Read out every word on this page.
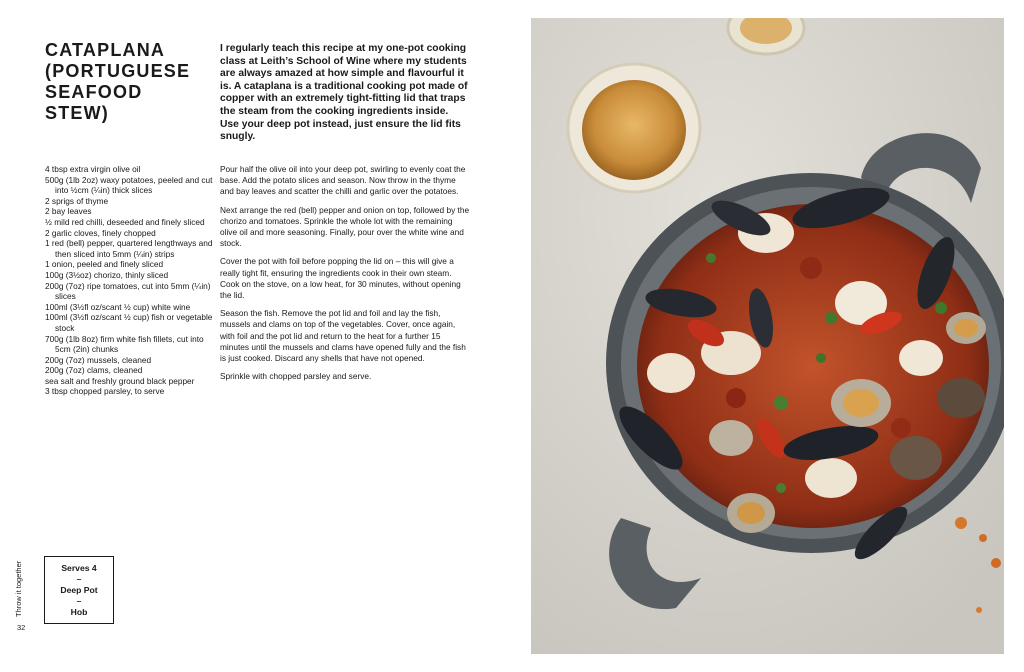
CATAPLANA (PORTUGUESE SEAFOOD STEW)

I regularly teach this recipe at my one-pot cooking class at Leith’s School of Wine where my students are always amazed at how simple and flavourful it is. A cataplana is a traditional cooking pot made of copper with an extremely tight-fitting lid that traps the steam from the cooking ingredients inside. Use your deep pot instead, just ensure the lid fits snugly.

4 tbsp extra virgin olive oil
500g (1lb 2oz) waxy potatoes, peeled and cut into ½cm (¼in) thick slices
2 sprigs of thyme
2 bay leaves
½ mild red chilli, deseeded and finely sliced
2 garlic cloves, finely chopped
1 red (bell) pepper, quartered lengthways and then sliced into 5mm (¼in) strips
1 onion, peeled and finely sliced
100g (3½oz) chorizo, thinly sliced
200g (7oz) ripe tomatoes, cut into 5mm (¼in) slices
100ml (3½fl oz/scant ½ cup) white wine
100ml (3½fl oz/scant ½ cup) fish or vegetable stock
700g (1lb 8oz) firm white fish fillets, cut into 5cm (2in) chunks
200g (7oz) mussels, cleaned
200g (7oz) clams, cleaned
sea salt and freshly ground black pepper
3 tbsp chopped parsley, to serve

Pour half the olive oil into your deep pot, swirling to evenly coat the base. Add the potato slices and season. Now throw in the thyme and bay leaves and scatter the chilli and garlic over the potatoes.

Next arrange the red (bell) pepper and onion on top, followed by the chorizo and tomatoes. Sprinkle the whole lot with the remaining olive oil and more seasoning. Finally, pour over the white wine and stock.

Cover the pot with foil before popping the lid on – this will give a really tight fit, ensuring the ingredients cook in their own steam. Cook on the stove, on a low heat, for 30 minutes, without opening the lid.

Season the fish. Remove the pot lid and foil and lay the fish, mussels and clams on top of the vegetables. Cover, once again, with foil and the pot lid and return to the heat for a further 15 minutes until the mussels and clams have opened fully and the fish is just cooked. Discard any shells that have not opened.

Sprinkle with chopped parsley and serve.

Serves 4
–
Deep Pot
–
Hob
Throw it together
32
